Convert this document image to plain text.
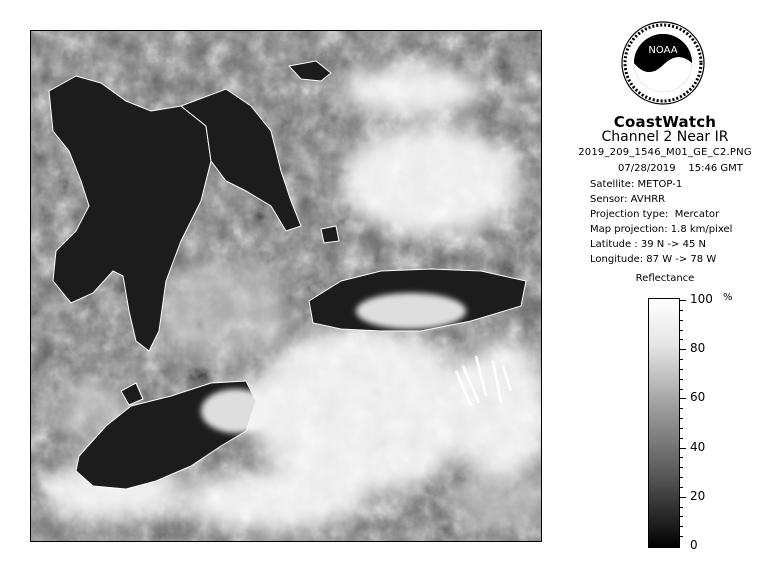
NOAA
CoastWatch
Channel 2 Near IR
2019_209_1546_M01_GE_C2.PNG
07/28/2019 15:46 GMT
Satellite: METOP-1
Sensor: AVHRR
Projection type:  Mercator
Map projection: 1.8 km/pixel
Latitude : 39 N -> 45 N
Longitude: 87 W -> 78 W
Reflectance
%
100
80
60
40
20
0
